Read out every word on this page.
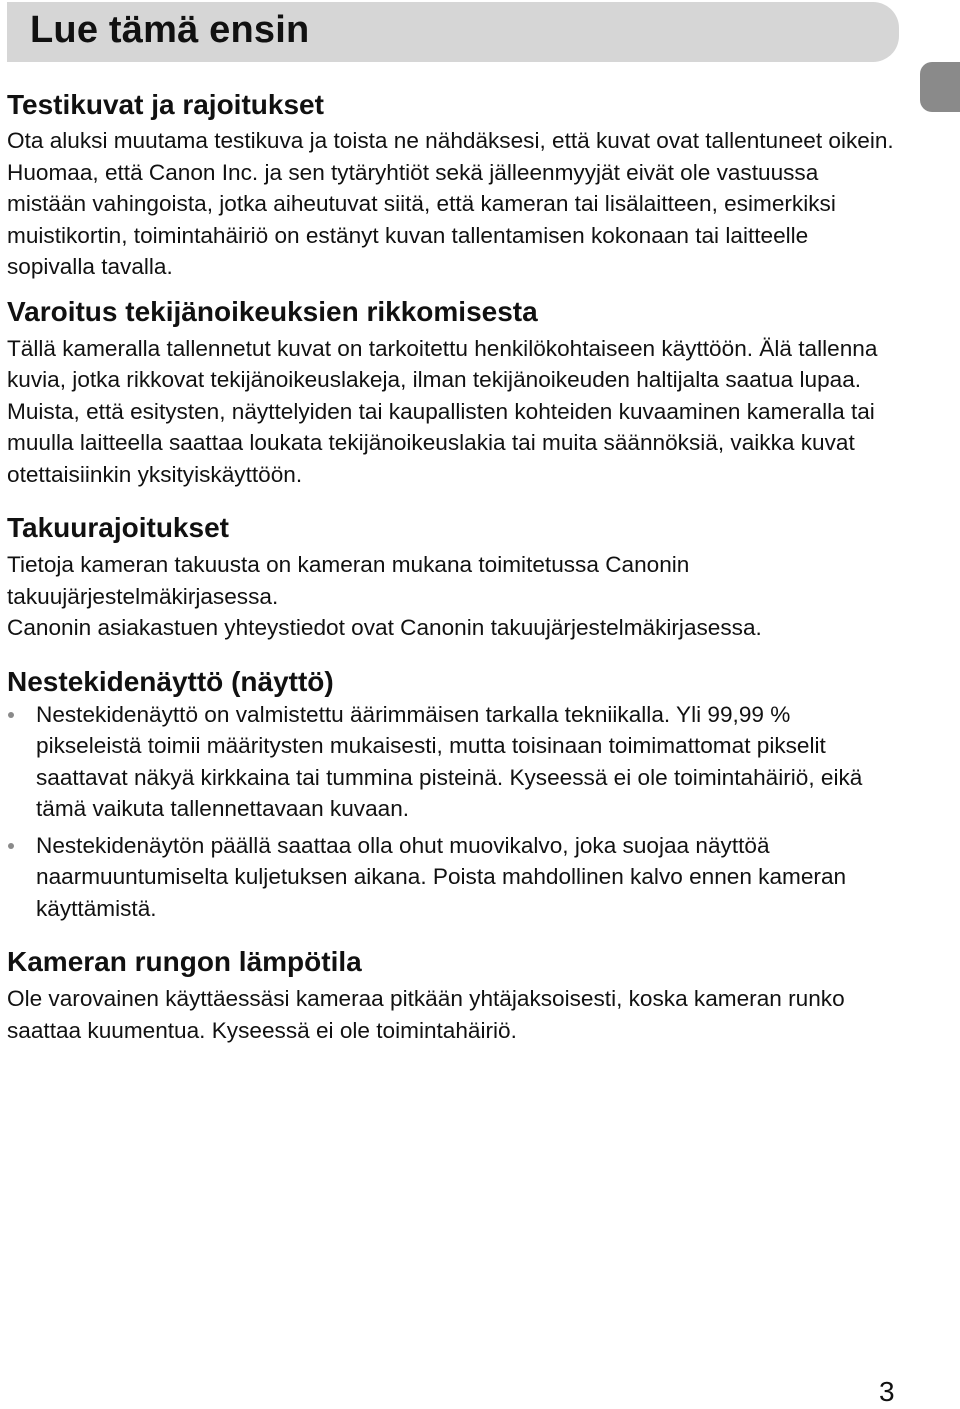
Lue tämä ensin
Testikuvat ja rajoitukset

Ota aluksi muutama testikuva ja toista ne nähdäksesi, että kuvat ovat tallentuneet oikein. Huomaa, että Canon Inc. ja sen tytäryhtiöt sekä jälleenmyyjät eivät ole vastuussa mistään vahingoista, jotka aiheutuvat siitä, että kameran tai lisälaitteen, esimerkiksi muistikortin, toimintahäiriö on estänyt kuvan tallentamisen kokonaan tai laitteelle sopivalla tavalla.

Varoitus tekijänoikeuksien rikkomisesta

Tällä kameralla tallennetut kuvat on tarkoitettu henkilökohtaiseen käyttöön. Älä tallenna kuvia, jotka rikkovat tekijänoikeuslakeja, ilman tekijänoikeuden haltijalta saatua lupaa. Muista, että esitysten, näyttelyiden tai kaupallisten kohteiden kuvaaminen kameralla tai muulla laitteella saattaa loukata tekijänoikeuslakia tai muita säännöksiä, vaikka kuvat otettaisiinkin yksityiskäyttöön.

Takuurajoitukset

Tietoja kameran takuusta on kameran mukana toimitetussa Canonin takuujärjestelmäkirjasessa.

Canonin asiakastuen yhteystiedot ovat Canonin takuujärjestelmäkirjasessa.

Nestekidenäyttö (näyttö)
Nestekidenäyttö on valmistettu äärimmäisen tarkalla tekniikalla. Yli 99,99 % pikseleistä toimii määritysten mukaisesti, mutta toisinaan toimimattomat pikselit saattavat näkyä kirkkaina tai tummina pisteinä. Kyseessä ei ole toimintahäiriö, eikä tämä vaikuta tallennettavaan kuvaan.
Nestekidenäytön päällä saattaa olla ohut muovikalvo, joka suojaa näyttöä naarmuuntumiselta kuljetuksen aikana. Poista mahdollinen kalvo ennen kameran käyttämistä.
Kameran rungon lämpötila

Ole varovainen käyttäessäsi kameraa pitkään yhtäjaksoisesti, koska kameran runko saattaa kuumentua. Kyseessä ei ole toimintahäiriö.

3
